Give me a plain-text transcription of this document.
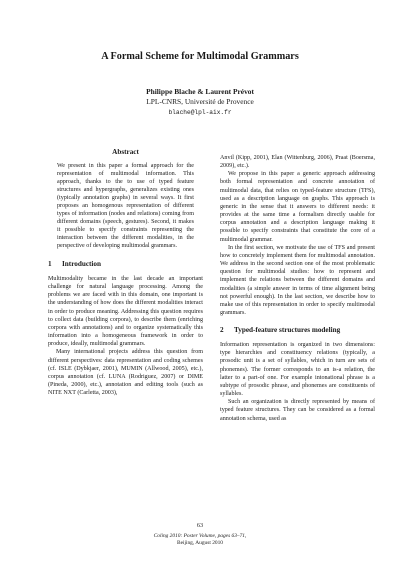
A Formal Scheme for Multimodal Grammars
Philippe Blache & Laurent Prévot
LPL-CNRS, Université de Provence
blache@lpl-aix.fr
Abstract
We present in this paper a formal approach for the representation of multimodal information. This approach, thanks to the to use of typed feature structures and hypergraphs, generalizes existing ones (typically annotation graphs) in several ways. It first proposes an homogenous representation of different types of information (nodes and relations) coming from different domains (speech, gestures). Second, it makes it possible to specify constraints representing the interaction between the different modalities, in the perspective of developing multimodal grammars.
1 Introduction

Multimodality became in the last decade an important challenge for natural language processing. Among the problems we are faced with in this domain, one important is the understanding of how does the different modalities interact in order to produce meaning. Addressing this question requires to collect data (building corpora), to describe them (enriching corpora with annotations) and to organize systematically this information into a homogeneous framework in order to produce, ideally, multimodal grammars.

Many international projects address this question from different perspectives: data representation and coding schemes (cf. ISLE (Dybkjaer, 2001), MUMIN (Allwood, 2005), etc.), corpus annotation (cf. LUNA (Rodriguez, 2007) or DIME (Pineda, 2000), etc.), annotation and editing tools (such as NITE NXT (Carletta, 2003),

Anvil (Kipp, 2001), Elan (Wittenburg, 2006), Praat (Boersma, 2009), etc.).

We propose in this paper a generic approach addressing both formal representation and concrete annotation of multimodal data, that relies on typed-feature structure (TFS), used as a description language on graphs. This approach is generic in the sense that it answers to different needs: it provides at the same time a formalism directly usable for corpus annotation and a description language making it possible to specify constraints that constitute the core of a multimodal grammar.

In the first section, we motivate the use of TFS and present how to concretely implement them for multimodal annotation. We address in the second section one of the most problematic question for multimodal studies: how to represent and implement the relations between the different domains and modalities (a simple answer in terms of time alignment being not powerful enough). In the last section, we describe how to make use of this representation in order to specify multimodal grammars.

2 Typed-feature structures modeling

Information representation is organized in two dimensions: type hierarchies and constituency relations (typically, a prosodic unit is a set of syllables, which in turn are sets of phonemes). The former corresponds to an is-a relation, the latter to a part-of one. For example intonational phrase is a subtype of prosodic phrase, and phonemes are constituents of syllables.

Such an organization is directly represented by means of typed feature structures. They can be considered as a formal annotation schema, used as

63
Coling 2010: Poster Volume, pages 63–71,
Beijing, August 2010
